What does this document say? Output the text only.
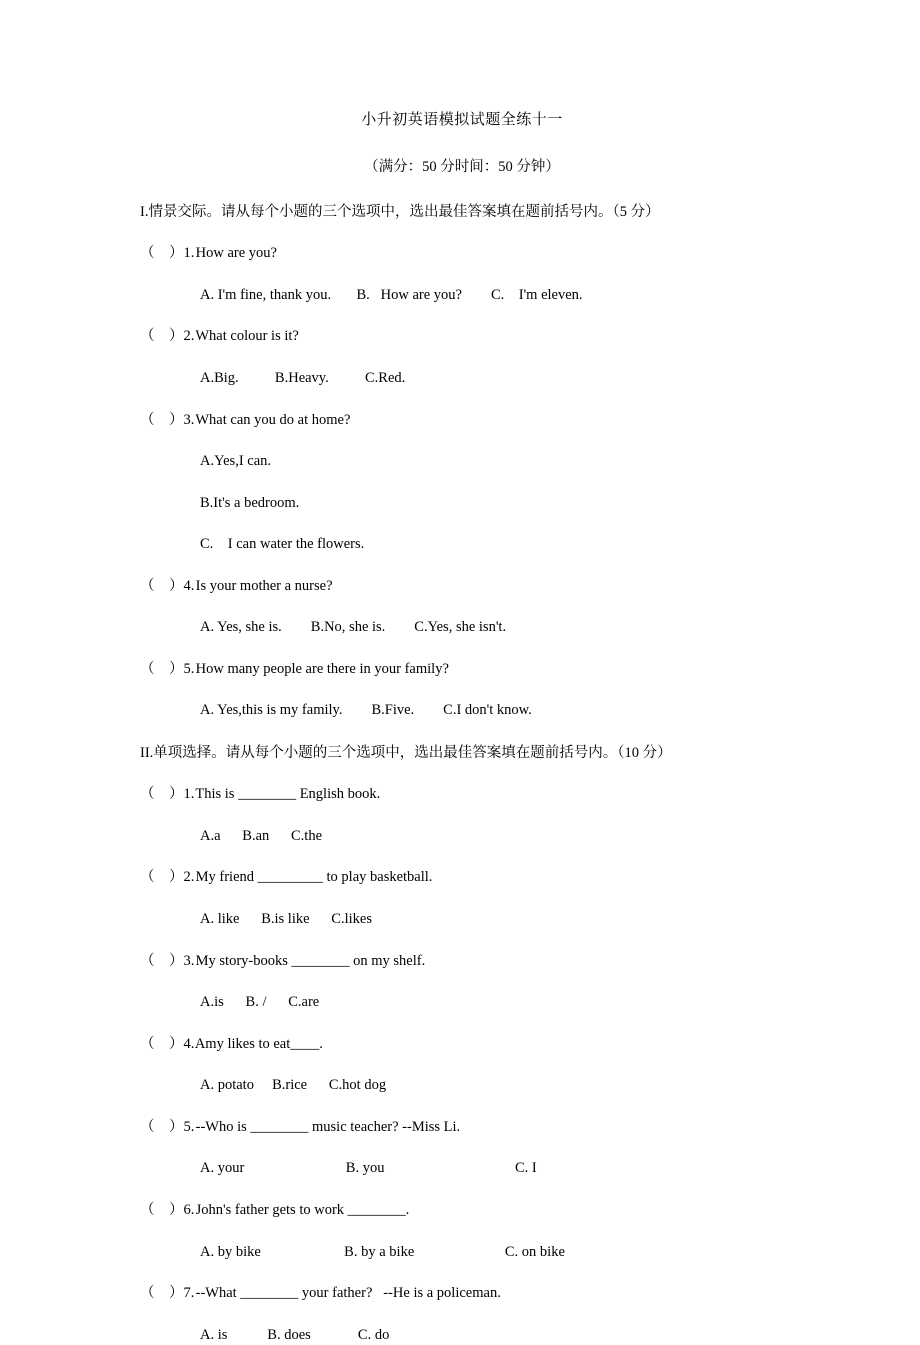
小升初英语模拟试题全练十一
（满分：50 分时间：50 分钟）
I.情景交际。请从每个小题的三个选项中，选出最佳答案填在题前括号内。（5 分）
（    ）1. How are you?
A. I'm fine, thank you.       B.   How are you?        C.    I'm eleven.
（    ）2. What colour is it?
A.Big.          B.Heavy.          C.Red.
（    ）3. What can you do at home?
A.Yes,I can.
B.It's a bedroom.
C.    I can water the flowers.
（    ）4. Is your mother a nurse?
A. Yes, she is.        B.No, she is.        C.Yes, she isn't.
（    ）5. How many people are there in your family?
A. Yes,this is my family.        B.Five.        C.I don't know.
II.单项选择。请从每个小题的三个选项中，选出最佳答案填在题前括号内。（10 分）
（    ）1. This is ________ English book.
A.a      B.an      C.the
（    ）2. My friend _________ to play basketball.
A. like      B.is like      C.likes
（    ）3. My story-books ________ on my shelf.
A.is      B. /      C.are
（    ）4. Amy likes to eat____.
A. potato     B.rice      C.hot dog
（    ）5. --Who is ________ music teacher? --Miss Li.
A. your                            B. you                                    C. I
（    ）6. John's father gets to work ________.
A. by bike                       B. by a bike                         C. on bike
（    ）7. --What ________ your father?   --He is a policeman.
A. is           B. does             C. do
